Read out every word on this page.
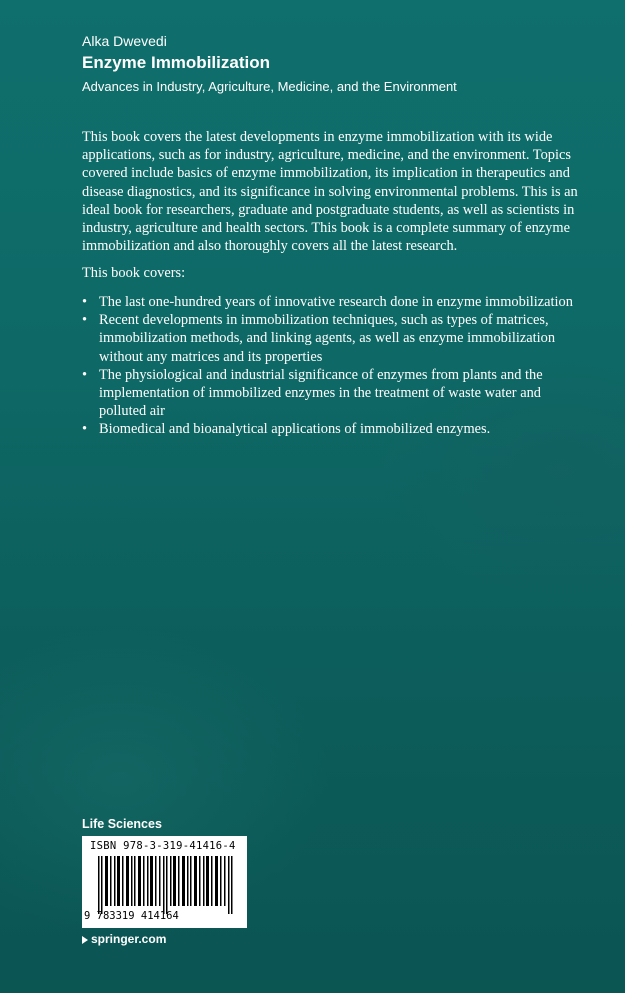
Alka Dwevedi
Enzyme Immobilization
Advances in Industry, Agriculture, Medicine, and the Environment
This book covers the latest developments in enzyme immobilization with its wide
applications, such as for industry, agriculture, medicine, and the environment. Topics
covered include basics of enzyme immobilization, its implication in therapeutics and
disease diagnostics, and its significance in solving environmental problems. This is an
ideal book for researchers, graduate and postgraduate students, as well as scientists in
industry, agriculture and health sectors. This book is a complete summary of enzyme
immobilization and also thoroughly covers all the latest research.

This book covers:

• The last one-hundred years of innovative research done in enzyme immobilization
• Recent developments in immobilization techniques, such as types of matrices,
immobilization methods, and linking agents, as well as enzyme immobilization
without any matrices and its properties
• The physiological and industrial significance of enzymes from plants and the
implementation of immobilized enzymes in the treatment of waste water and
polluted air
• Biomedical and bioanalytical applications of immobilized enzymes.
Life Sciences
ISBN 978-3-319-41416-4
9 783319 414164
springer.com
